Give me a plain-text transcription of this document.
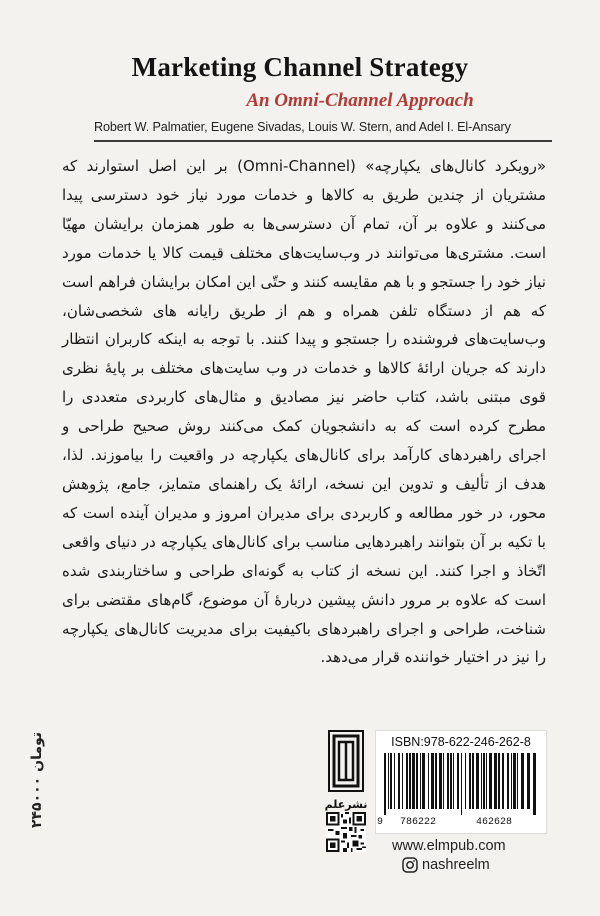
Marketing Channel Strategy
An Omni-Channel Approach
Robert W. Palmatier, Eugene Sivadas, Louis W. Stern, and Adel I. El-Ansary

«رویکرد کانال‌های یکپارچه» (Omni-Channel) بر این اصل استوارند که مشتریان از چندین طریق به کالاها و خدمات مورد نیاز خود دسترسی پیدا می‌کنند و علاوه بر آن، تمام آن دسترسی‌ها به طور همزمان برایشان مهیّا است. مشتری‌ها می‌توانند در وب‌سایت‌های مختلف قیمت کالا یا خدمات مورد نیاز خود را جستجو و با هم مقایسه کنند و حتّی این امکان برایشان فراهم است که هم از دستگاه تلفن همراه و هم از طریق رایانه های شخصی‌شان، وب‌سایت‌های فروشنده را جستجو و پیدا کنند. با توجه به اینکه کاربران انتظار دارند که جریان ارائهٔ کالاها و خدمات در وب سایت‌های مختلف بر پایهٔ نظری قوی مبتنی باشد، کتاب حاضر نیز مصادیق و مثال‌های کاربردی متعددی را مطرح کرده است که به دانشجویان کمک می‌کنند روش صحیح طراحی و اجرای راهبردهای کارآمد برای کانال‌های یکپارچه در واقعیت را بیاموزند. لذا، هدف از تألیف و تدوین این نسخه، ارائهٔ یک راهنمای متمایز، جامع، پژوهش محور، در خور مطالعه و کاربردی برای مدیران امروز و مدیران آینده است که با تکیه بر آن بتوانند راهبردهایی مناسب برای کانال‌های یکپارچه در دنیای واقعی اتّخاذ و اجرا کنند. این نسخه از کتاب به گونه‌ای طراحی و ساختاربندی شده است که علاوه بر مرور دانش پیشین دربارهٔ آن موضوع، گام‌های مقتضی برای شناخت، طراحی و اجرای راهبردهای باکیفیت برای مدیریت کانال‌های یکپارچه را نیز در اختیار خواننده قرار می‌دهد.

۲۴۵۰۰۰ تومان
نشرعلم
ISBN:978-622-246-262-8
9 786222	462628
www.elmpub.com
nashreelm
